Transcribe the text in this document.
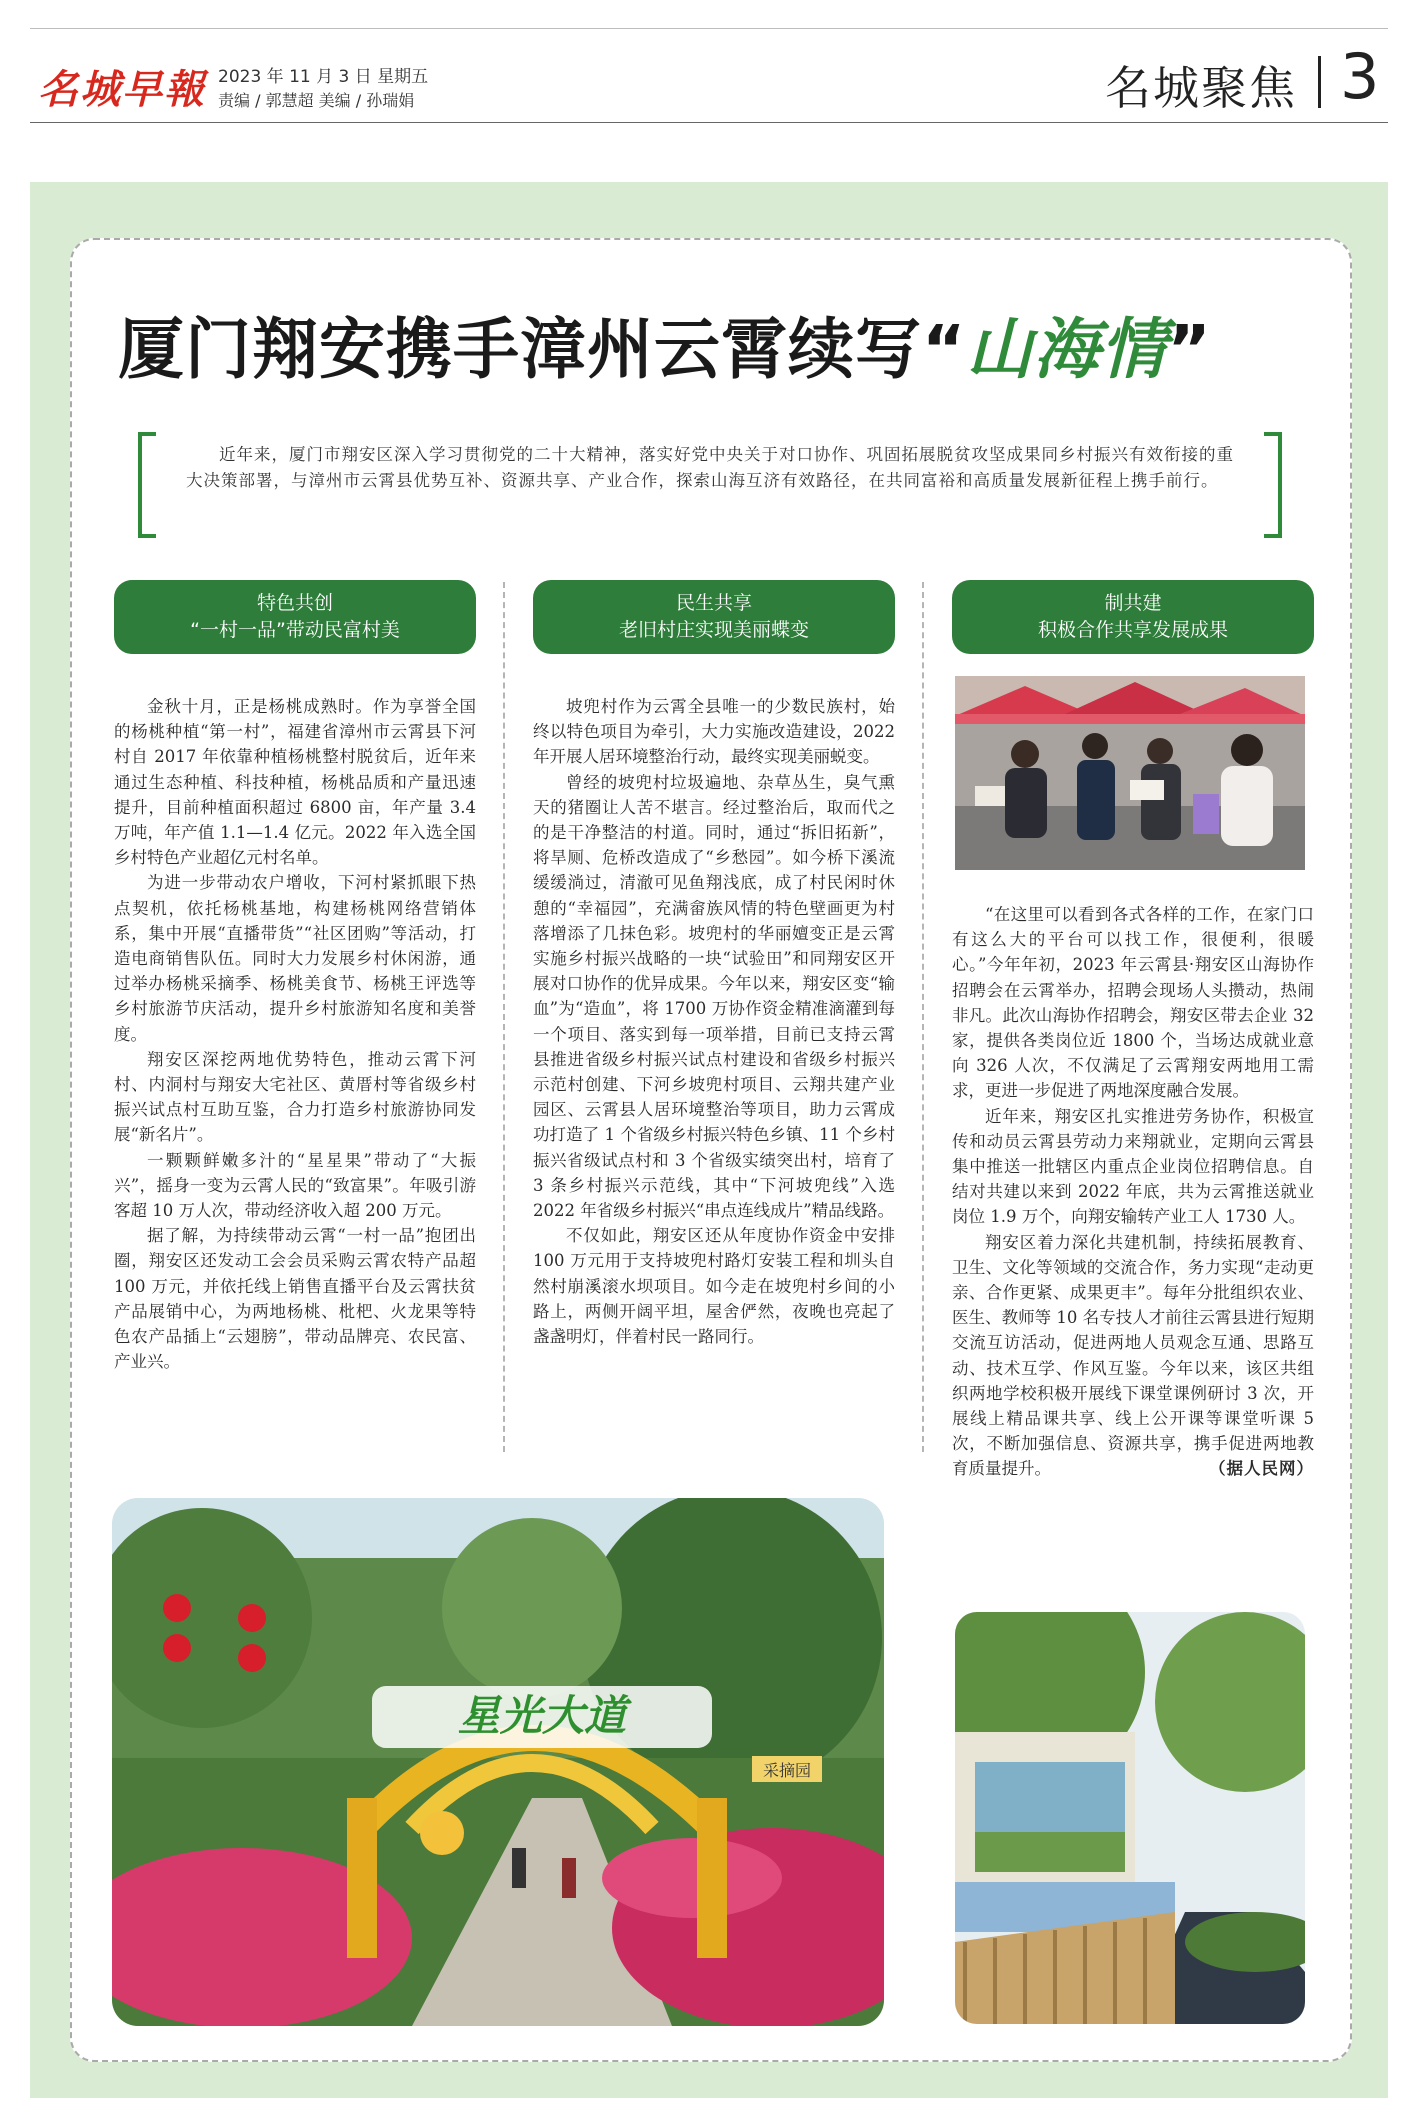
名城早報 2023 年 11 月 3 日 星期五
责编 / 郭慧超 美编 / 孙瑞娟	名城聚焦 3
厦门翔安携手漳州云霄续写“山海情”
近年来，厦门市翔安区深入学习贯彻党的二十大精神，落实好党中央关于对口协作、巩固拓展脱贫攻坚成果同乡村振兴有效衔接的重大决策部署，与漳州市云霄县优势互补、资源共享、产业合作，探索山海互济有效路径，在共同富裕和高质量发展新征程上携手前行。
特色共创
“一村一品”带动民富村美
民生共享
老旧村庄实现美丽蝶变
制共建
积极合作共享发展成果

金秋十月，正是杨桃成熟时。作为享誉全国的杨桃种植“第一村”，福建省漳州市云霄县下河村自 2017 年依靠种植杨桃整村脱贫后，近年来通过生态种植、科技种植，杨桃品质和产量迅速提升，目前种植面积超过 6800 亩，年产量 3.4 万吨，年产值 1.1—1.4 亿元。2022 年入选全国乡村特色产业超亿元村名单。

为进一步带动农户增收，下河村紧抓眼下热点契机，依托杨桃基地，构建杨桃网络营销体系，集中开展“直播带货”“社区团购”等活动，打造电商销售队伍。同时大力发展乡村休闲游，通过举办杨桃采摘季、杨桃美食节、杨桃王评选等乡村旅游节庆活动，提升乡村旅游知名度和美誉度。

翔安区深挖两地优势特色，推动云霄下河村、内洞村与翔安大宅社区、黄厝村等省级乡村振兴试点村互助互鉴，合力打造乡村旅游协同发展“新名片”。

一颗颗鲜嫩多汁的“星星果”带动了“大振兴”，摇身一变为云霄人民的“致富果”。年吸引游客超 10 万人次，带动经济收入超 200 万元。

据了解，为持续带动云霄“一村一品”抱团出圈，翔安区还发动工会会员采购云霄农特产品超 100 万元，并依托线上销售直播平台及云霄扶贫产品展销中心，为两地杨桃、枇杷、火龙果等特色农产品插上“云翅膀”，带动品牌亮、农民富、产业兴。

坡兜村作为云霄全县唯一的少数民族村，始终以特色项目为牵引，大力实施改造建设，2022 年开展人居环境整治行动，最终实现美丽蜕变。

曾经的坡兜村垃圾遍地、杂草丛生，臭气熏天的猪圈让人苦不堪言。经过整治后，取而代之的是干净整洁的村道。同时，通过“拆旧拓新”，将旱厕、危桥改造成了“乡愁园”。如今桥下溪流缓缓淌过，清澈可见鱼翔浅底，成了村民闲时休憩的“幸福园”，充满畲族风情的特色壁画更为村落增添了几抹色彩。坡兜村的华丽嬗变正是云霄实施乡村振兴战略的一块“试验田”和同翔安区开展对口协作的优异成果。今年以来，翔安区变“输血”为“造血”，将 1700 万协作资金精准滴灌到每一个项目、落实到每一项举措，目前已支持云霄县推进省级乡村振兴试点村建设和省级乡村振兴示范村创建、下河乡坡兜村项目、云翔共建产业园区、云霄县人居环境整治等项目，助力云霄成功打造了 1 个省级乡村振兴特色乡镇、11 个乡村振兴省级试点村和 3 个省级实绩突出村，培育了 3 条乡村振兴示范线，其中“下河坡兜线”入选 2022 年省级乡村振兴“串点连线成片”精品线路。

不仅如此，翔安区还从年度协作资金中安排 100 万元用于支持坡兜村路灯安装工程和圳头自然村崩溪滚水坝项目。如今走在坡兜村乡间的小路上，两侧开阔平坦，屋舍俨然，夜晚也亮起了盏盏明灯，伴着村民一路同行。

“在这里可以看到各式各样的工作，在家门口有这么大的平台可以找工作，很便利，很暖心。”今年年初，2023 年云霄县·翔安区山海协作招聘会在云霄举办，招聘会现场人头攒动，热闹非凡。此次山海协作招聘会，翔安区带去企业 32 家，提供各类岗位近 1800 个，当场达成就业意向 326 人次，不仅满足了云霄翔安两地用工需求，更进一步促进了两地深度融合发展。

近年来，翔安区扎实推进劳务协作，积极宣传和动员云霄县劳动力来翔就业，定期向云霄县集中推送一批辖区内重点企业岗位招聘信息。自结对共建以来到 2022 年底，共为云霄推送就业岗位 1.9 万个，向翔安输转产业工人 1730 人。

翔安区着力深化共建机制，持续拓展教育、卫生、文化等领域的交流合作，务力实现“走动更亲、合作更紧、成果更丰”。每年分批组织农业、医生、教师等 10 名专技人才前往云霄县进行短期交流互访活动，促进两地人员观念互通、思路互动、技术互学、作风互鉴。今年以来，该区共组织两地学校积极开展线下课堂课例研讨 3 次，开展线上精品课共享、线上公开课等课堂听课 5 次，不断加强信息、资源共享，携手促进两地教育质量提升。	（据人民网）

星光大道
采摘园
